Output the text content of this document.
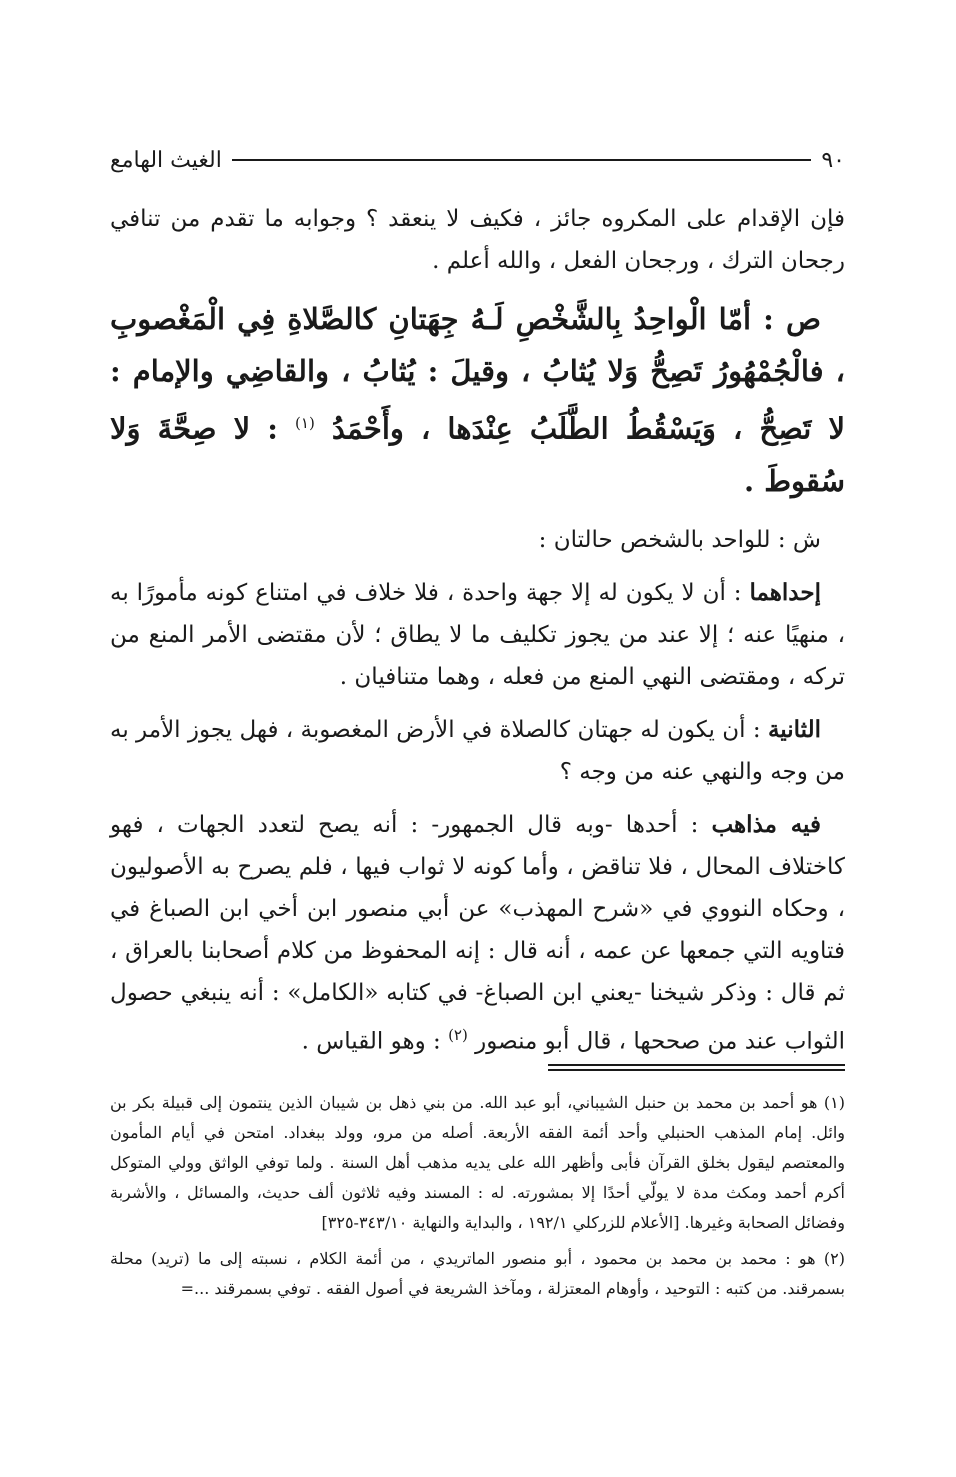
٩٠
الغيث الهامع

فإن الإقدام على المكروه جائز ، فكيف لا ينعقد ؟ وجوابه ما تقدم من تنافي رجحان الترك ، ورجحان الفعل ، والله أعلم .

ص : أمّا الْواحِدُ بِالشَّخْصِ لَـهُ جِهَتانِ كالصَّلاةِ فِي الْمَغْصوبِ ، فالْجُمْهُورُ تَصِحُّ وَلا يُثابُ ، وقيلَ : يُثابُ ، والقاضِي والإمام : لا تَصِحُّ ، وَيَسْقُطُ الطَّلَبُ عِنْدَها ، وأَحْمَدُ $^{(١)}$ : لا صِحَّةَ وَلا سُقوطَ .

ش : للواحد بالشخص حالتان :

إحداهما : أن لا يكون له إلا جهة واحدة ، فلا خلاف في امتناع كونه مأمورًا به ، منهيًا عنه ؛ إلا عند من يجوز تكليف ما لا يطاق ؛ لأن مقتضى الأمر المنع من تركه ، ومقتضى النهي المنع من فعله ، وهما متنافيان .

الثانية : أن يكون له جهتان كالصلاة في الأرض المغصوبة ، فهل يجوز الأمر به من وجه والنهي عنه من وجه ؟

فيه مذاهب : أحدها -وبه قال الجمهور- : أنه يصح لتعدد الجهات ، فهو كاختلاف المحال ، فلا تناقض ، وأما كونه لا ثواب فيها ، فلم يصرح به الأصوليون ، وحكاه النووي في «شرح المهذب» عن أبي منصور ابن أخي ابن الصباغ في فتاويه التي جمعها عن عمه ، أنه قال : إنه المحفوظ من كلام أصحابنا بالعراق ، ثم قال : وذكر شيخنا -يعني ابن الصباغ- في كتابه «الكامل» : أنه ينبغي حصول الثواب عند من صححها ، قال أبو منصور $^{(٢)}$ : وهو القياس .

(١) هو أحمد بن محمد بن حنبل الشيباني، أبو عبد الله. من بني ذهل بن شيبان الذين ينتمون إلى قبيلة بكر بن وائل. إمام المذهب الحنبلي وأحد أئمة الفقه الأربعة. أصله من مرو، وولد ببغداد. امتحن في أيام المأمون والمعتصم ليقول بخلق القرآن فأبى وأظهر الله على يديه مذهب أهل السنة . ولما توفي الواثق وولي المتوكل أكرم أحمد ومكث مدة لا يولّي أحدًا إلا بمشورته. له : المسند وفيه ثلاثون ألف حديث، والمسائل ، والأشربة وفضائل الصحابة وغيرها. [الأعلام للزركلي ١٩٢/١ ، والبداية والنهاية ٣٤٣/١٠-٣٢٥]

(٢) هو : محمد بن محمد بن محمود ، أبو منصور الماتريدي ، من أئمة الكلام ، نسبته إلى ما (تريد) محلة بسمرقند. من كتبه : التوحيد ، وأوهام المعتزلة ، ومآخذ الشريعة في أصول الفقه . توفي بسمرقند ...=
